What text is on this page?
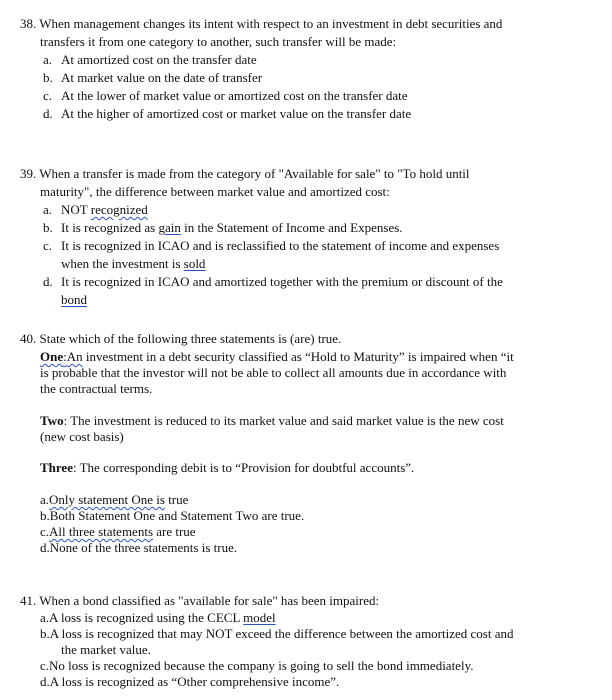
38. When management changes its intent with respect to an investment in debt securities and
transfers it from one category to another, such transfer will be made:
a. At amortized cost on the transfer date
b. At market value on the date of transfer
c. At the lower of market value or amortized cost on the transfer date
d. At the higher of amortized cost or market value on the transfer date
39. When a transfer is made from the category of "Available for sale" to "To hold until
maturity", the difference between market value and amortized cost:
a. NOT recognized
b. It is recognized as gain in the Statement of Income and Expenses.
c. It is recognized in ICAO and is reclassified to the statement of income and expenses
when the investment is sold
d. It is recognized in ICAO and amortized together with the premium or discount of the
bond
40. State which of the following three statements is (are) true.
One:An investment in a debt security classified as “Hold to Maturity” is impaired when “it
is probable that the investor will not be able to collect all amounts due in accordance with
the contractual terms.
Two: The investment is reduced to its market value and said market value is the new cost
(new cost basis)
Three: The corresponding debit is to “Provision for doubtful accounts”.
a.Only statement One is true
b.Both Statement One and Statement Two are true.
c.All three statements are true
d.None of the three statements is true.
41. When a bond classified as "available for sale" has been impaired:
a.A loss is recognized using the CECL model
b.A loss is recognized that may NOT exceed the difference between the amortized cost and
the market value.
c.No loss is recognized because the company is going to sell the bond immediately.
d.A loss is recognized as “Other comprehensive income”.
